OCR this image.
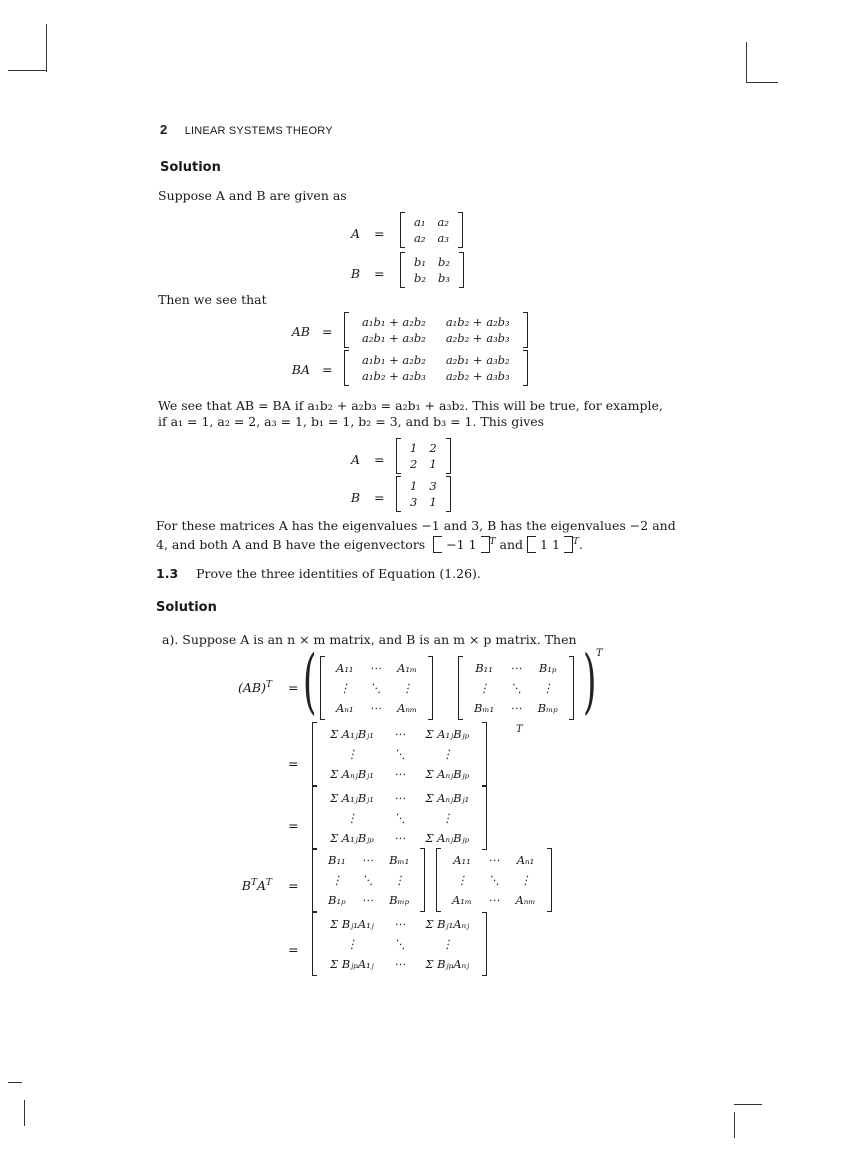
2 LINEAR SYSTEMS THEORY
Solution
Suppose A and B are given as
A =
a₁	a₂
a₂	a₃
B =
b₁	b₂
b₂	b₃
Then we see that
AB =
a₁b₁ + a₂b₂	a₁b₂ + a₂b₃
a₂b₁ + a₃b₂	a₂b₂ + a₃b₃
BA =
a₁b₁ + a₂b₂	a₂b₁ + a₃b₂
a₁b₂ + a₂b₃	a₂b₂ + a₃b₃
We see that AB = BA if a₁b₂ + a₂b₃ = a₂b₁ + a₃b₂. This will be true, for example,
if a₁ = 1, a₂ = 2, a₃ = 1, b₁ = 1, b₂ = 3, and b₃ = 1. This gives
A =
1	2
2	1
B =
1	3
3	1
For these matrices A has the eigenvalues −1 and 3, B has the eigenvalues −2 and
4, and both A and B have the eigenvectors −1 1 $^T$ and 1 1 $^T$.
1.3 Prove the three identities of Equation (1.26).
Solution
a). Suppose A is an n × m matrix, and B is an m × p matrix. Then
(AB)$^T$ = ( A₁₁	⋯	A₁ₘ
⋮	⋱	⋮
Aₙ₁	⋯	Aₙₘ
B₁₁	⋯	B₁ₚ
⋮	⋱	⋮
Bₘ₁	⋯	Bₘₚ ) T
=
Σ A₁ⱼBⱼ₁	⋯	Σ A₁ⱼBⱼₚ
⋮	⋱	⋮
Σ AₙⱼBⱼ₁	⋯	Σ AₙⱼBⱼₚ
T
=
Σ A₁ⱼBⱼ₁	⋯	Σ AₙⱼBⱼ₁
⋮	⋱	⋮
Σ A₁ⱼBⱼₚ	⋯	Σ AₙⱼBⱼₚ
$B^TA^T$ =
B₁₁	⋯	Bₘ₁
⋮	⋱	⋮
B₁ₚ	⋯	Bₘₚ
A₁₁	⋯	Aₙ₁
⋮	⋱	⋮
A₁ₘ	⋯	Aₙₘ
=
Σ Bⱼ₁A₁ⱼ	⋯	Σ Bⱼ₁Aₙⱼ
⋮	⋱	⋮
Σ BⱼₚA₁ⱼ	⋯	Σ BⱼₚAₙⱼ
